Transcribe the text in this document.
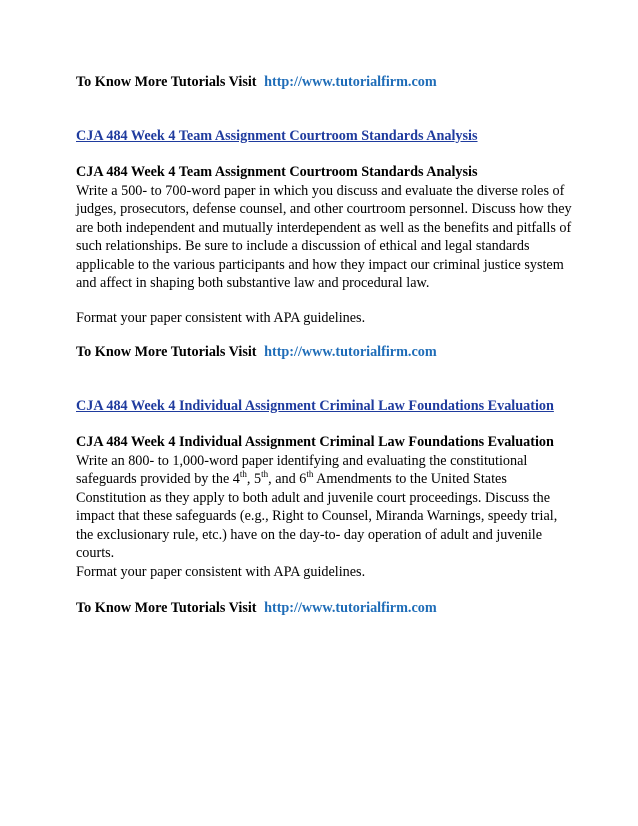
To Know More Tutorials Visit http://www.tutorialfirm.com
CJA 484 Week 4 Team Assignment Courtroom Standards Analysis
CJA 484 Week 4 Team Assignment Courtroom Standards Analysis

Write a 500- to 700-word paper in which you discuss and evaluate the diverse roles of judges, prosecutors, defense counsel, and other courtroom personnel. Discuss how they are both independent and mutually interdependent as well as the benefits and pitfalls of such relationships. Be sure to include a discussion of ethical and legal standards applicable to the various participants and how they impact our criminal justice system and affect in shaping both substantive law and procedural law.

Format your paper consistent with APA guidelines.

To Know More Tutorials Visit http://www.tutorialfirm.com
CJA 484 Week 4 Individual Assignment Criminal Law Foundations Evaluation
CJA 484 Week 4 Individual Assignment Criminal Law Foundations Evaluation

Write an 800- to 1,000-word paper identifying and evaluating the constitutional safeguards provided by the 4th, 5th, and 6th Amendments to the United States Constitution as they apply to both adult and juvenile court proceedings. Discuss the impact that these safeguards (e.g., Right to Counsel, Miranda Warnings, speedy trial, the exclusionary rule, etc.) have on the day-to- day operation of adult and juvenile courts.

Format your paper consistent with APA guidelines.

To Know More Tutorials Visit http://www.tutorialfirm.com
